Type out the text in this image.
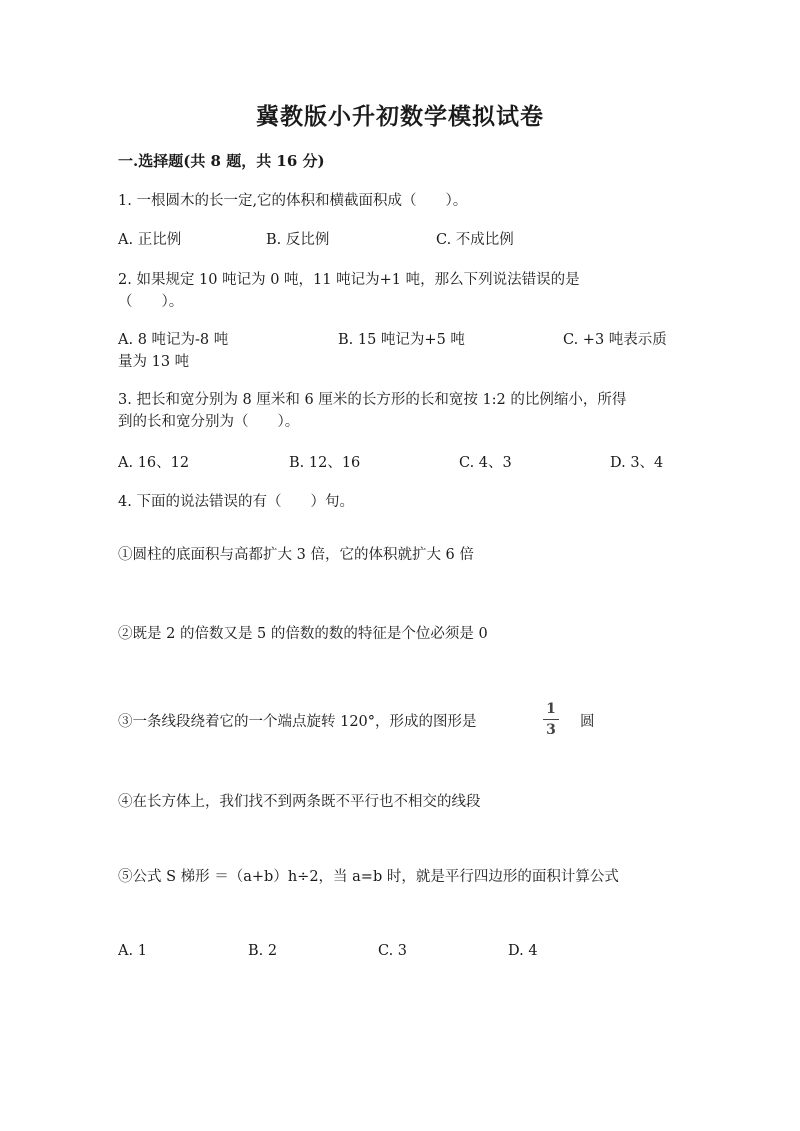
冀教版小升初数学模拟试卷
一.选择题(共 8 题，共 16 分)
1. 一根圆木的长一定,它的体积和横截面积成（　　）。
A. 正比例	B. 反比例	C. 不成比例
2. 如果规定 10 吨记为 0 吨，11 吨记为+1 吨，那么下列说法错误的是
（　　）。
A. 8 吨记为-8 吨	B. 15 吨记为+5 吨	C. +3 吨表示质
量为 13 吨
3. 把长和宽分别为 8 厘米和 6 厘米的长方形的长和宽按 1:2 的比例缩小，所得
到的长和宽分别为（　　）。
A. 16、12	B. 12、16	C. 4、3	D. 3、4
4. 下面的说法错误的有（　　）句。
①圆柱的底面积与高都扩大 3 倍，它的体积就扩大 6 倍
②既是 2 的倍数又是 5 的倍数的数的特征是个位必须是 0
③一条线段绕着它的一个端点旋转 120°，形成的图形是
1
3	圆
④在长方体上，我们找不到两条既不平行也不相交的线段
⑤公式 S 梯形 ＝（a+b）h÷2，当 a=b 时，就是平行四边形的面积计算公式
A. 1	B. 2	C. 3	D. 4
